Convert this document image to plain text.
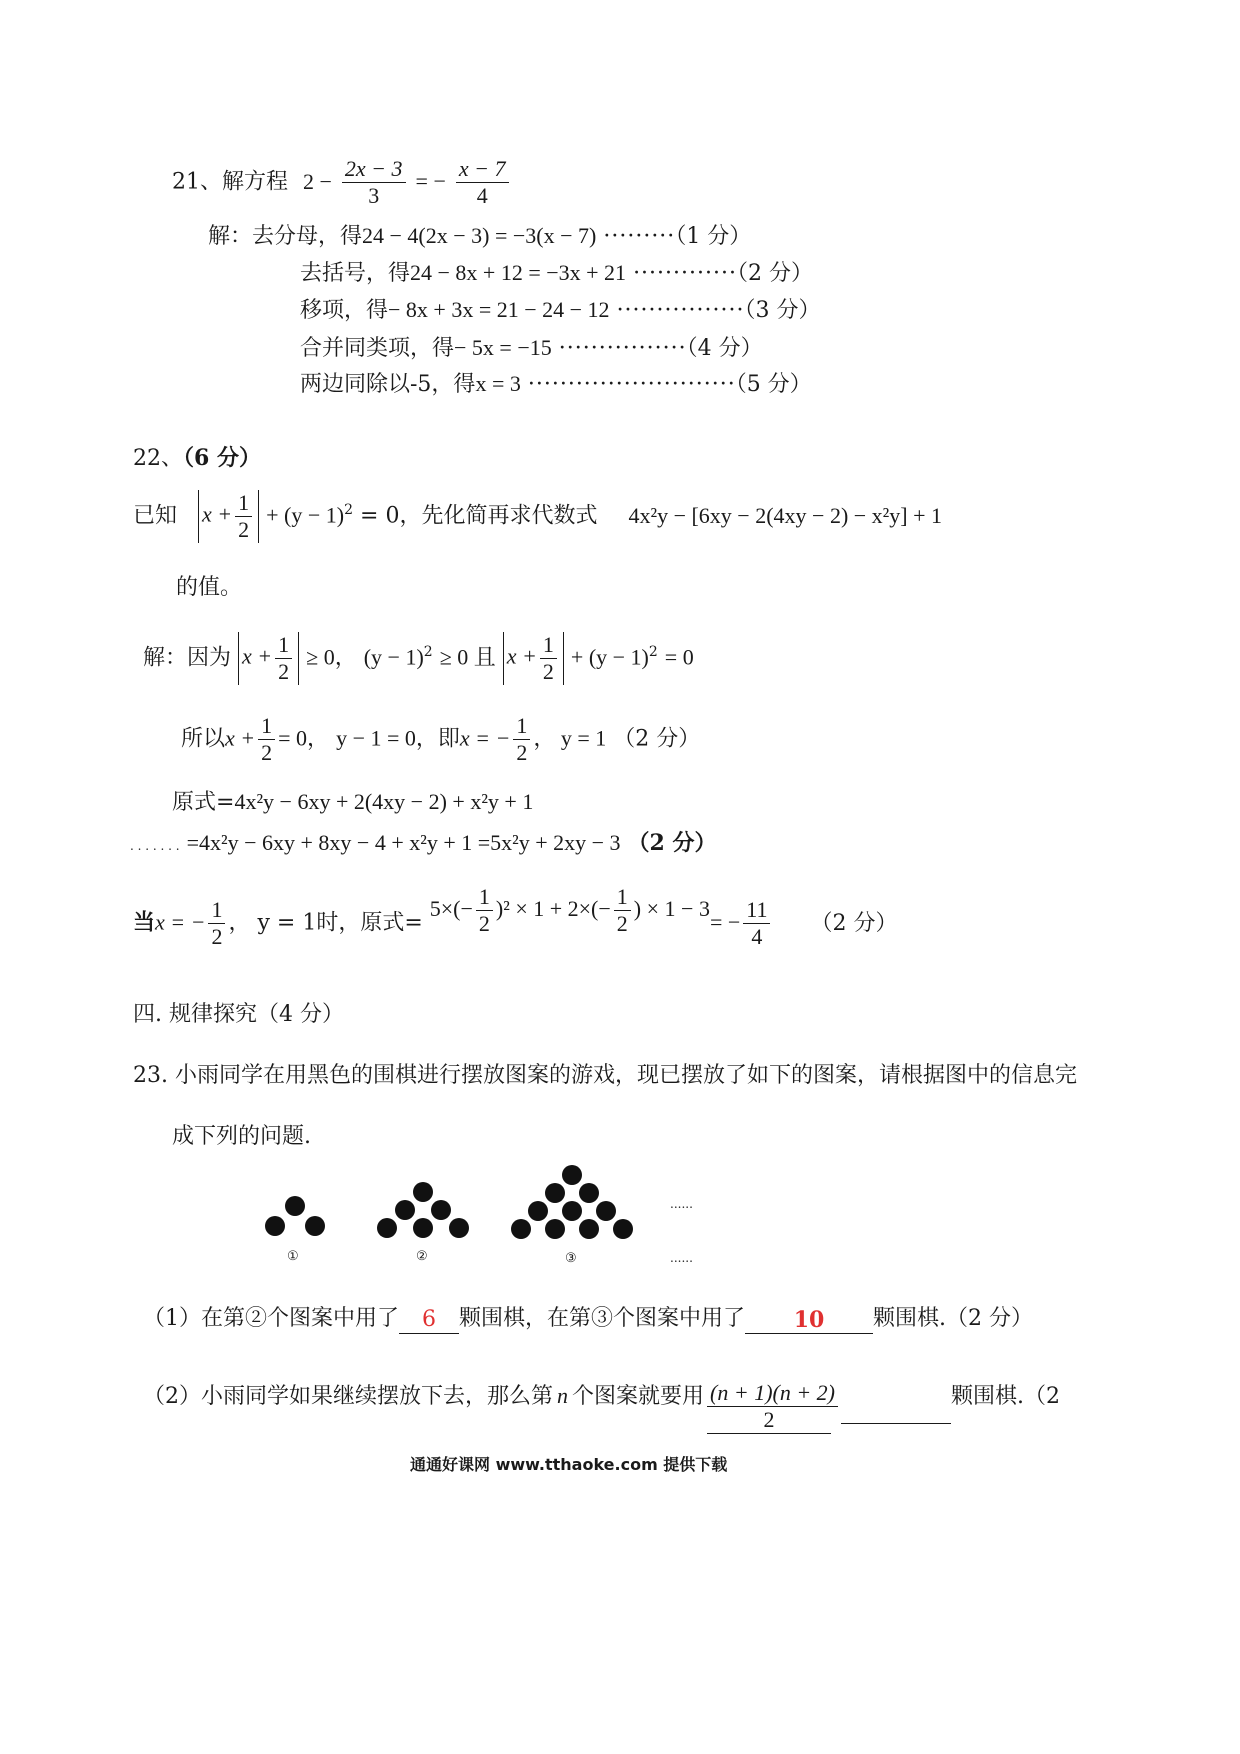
21、解方程 $2 - \frac{2x - 3}{3}$ = − $\frac{x - 7}{4}$
解：去分母，得24 − 4(2x − 3) = −3(x − 7) ·········（1 分）
去括号，得24 − 8x + 12 = −3x + 21 ·············（2 分）
移项，得− 8x + 3x = 21 − 24 − 12 ················（3 分）
合并同类项，得− 5x = −15 ················（4 分）
两边同除以-5，得x = 3 ··························（5 分）
22、（6 分）
已知 $x + \frac{1}{2} + (y - 1)^2 = 0$，先化简再求代数式 4x²y − [6xy − 2(4xy − 2) − x²y] + 1
的值。
解：因为 $x + \frac{1}{2} \ge 0$， $(y - 1)^2 \ge 0$ 且 $x + \frac{1}{2} + (y - 1)^2 = 0$
所以$x + \frac{1}{2} = 0$， y − 1 = 0，即x = − $\frac{1}{2}$ ， y = 1 （2 分）
原式=4x²y − 6xy + 2(4xy − 2) + x²y + 1
. . . . . . . =4x²y − 6xy + 8xy − 4 + x²y + 1 =5x²y + 2xy − 3 （2 分）
当x = − $\frac{1}{2}$ ， y = 1时，原式= $5\times(- \frac{1}{2} )^2 \times 1 + 2\times(- \frac{1}{2}$ ) × $1 - 3= - \frac{11}{4} (2$ 分）
四. 规律探究（4 分）
23. 小雨同学在用黑色的围棋进行摆放图案的游戏，现已摆放了如下的图案，请根据图中的信息完
成下列的问题.
①	②	③
......
......
（1）在第②个图案中用了 6 颗围棋，在第③个图案中用了 10 颗围棋.（2 分）
（2）小雨同学如果继续摆放下去，那么第 n 个图案就要用 $\frac{(n + 1)(n + 2)}{2}$	颗围棋.（2
通通好课网 www.tthaoke.com 提供下载
